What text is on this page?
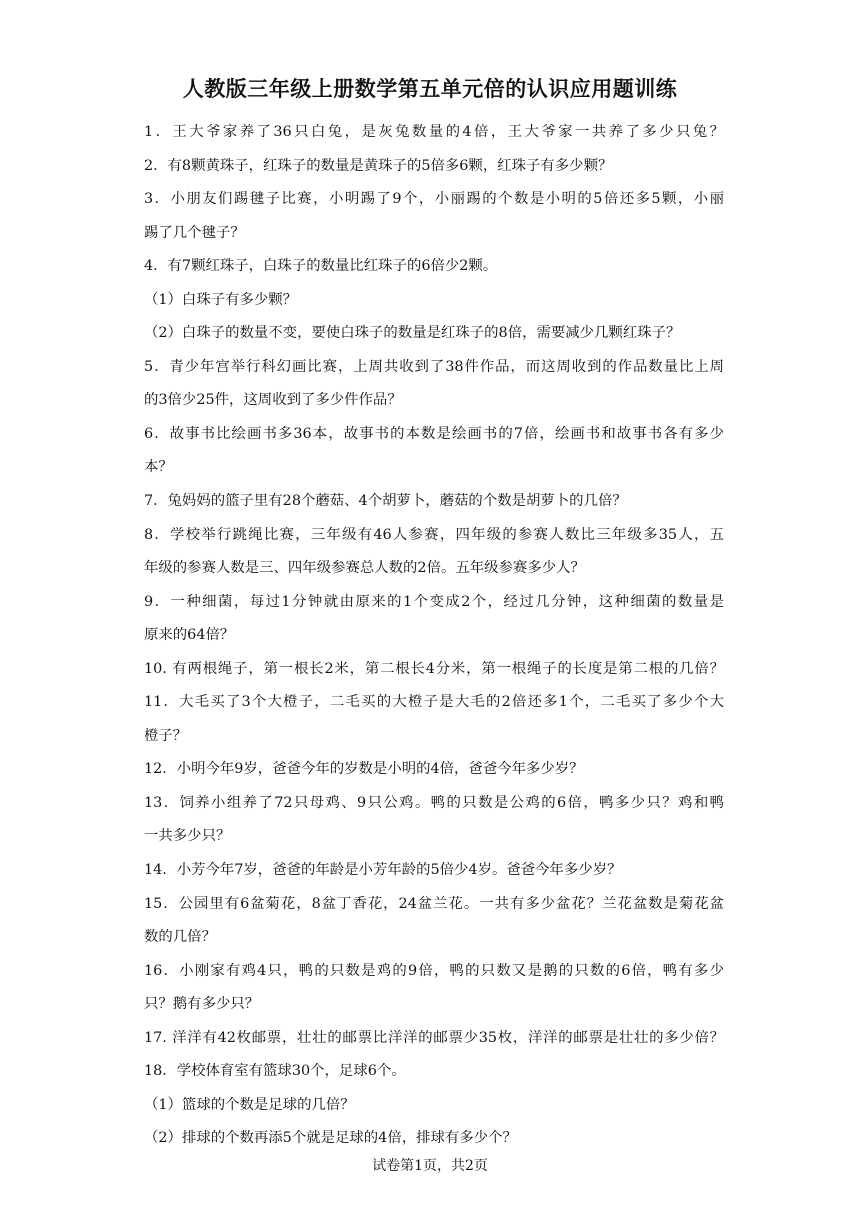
人教版三年级上册数学第五单元倍的认识应用题训练
1．王大爷家养了36只白兔，是灰兔数量的4倍，王大爷家一共养了多少只兔？
2．有8颗黄珠子，红珠子的数量是黄珠子的5倍多6颗，红珠子有多少颗？
3．小朋友们踢毽子比赛，小明踢了9个，小丽踢的个数是小明的5倍还多5颗，小丽
踢了几个毽子？
4．有7颗红珠子，白珠子的数量比红珠子的6倍少2颗。
（1）白珠子有多少颗？
（2）白珠子的数量不变，要使白珠子的数量是红珠子的8倍，需要减少几颗红珠子？
5．青少年宫举行科幻画比赛，上周共收到了38件作品，而这周收到的作品数量比上周
的3倍少25件，这周收到了多少件作品？
6．故事书比绘画书多36本，故事书的本数是绘画书的7倍，绘画书和故事书各有多少
本？
7．兔妈妈的篮子里有28个蘑菇、4个胡萝卜，蘑菇的个数是胡萝卜的几倍？
8．学校举行跳绳比赛，三年级有46人参赛，四年级的参赛人数比三年级多35人，五
年级的参赛人数是三、四年级参赛总人数的2倍。五年级参赛多少人？
9．一种细菌，每过1分钟就由原来的1个变成2个，经过几分钟，这种细菌的数量是
原来的64倍？
10. 有两根绳子，第一根长2米，第二根长4分米，第一根绳子的长度是第二根的几倍？
11．大毛买了3个大橙子，二毛买的大橙子是大毛的2倍还多1个，二毛买了多少个大
橙子？
12．小明今年9岁，爸爸今年的岁数是小明的4倍，爸爸今年多少岁？
13．饲养小组养了72只母鸡、9只公鸡。鸭的只数是公鸡的6倍，鸭多少只？鸡和鸭
一共多少只？
14．小芳今年7岁，爸爸的年龄是小芳年龄的5倍少4岁。爸爸今年多少岁？
15．公园里有6盆菊花，8盆丁香花，24盆兰花。一共有多少盆花？兰花盆数是菊花盆
数的几倍？
16．小刚家有鸡4只，鸭的只数是鸡的9倍，鸭的只数又是鹅的只数的6倍，鸭有多少
只？鹅有多少只？
17. 洋洋有42枚邮票，壮壮的邮票比洋洋的邮票少35枚，洋洋的邮票是壮壮的多少倍？
18．学校体育室有篮球30个，足球6个。
（1）篮球的个数是足球的几倍？
（2）排球的个数再添5个就是足球的4倍，排球有多少个？
试卷第1页，共2页
